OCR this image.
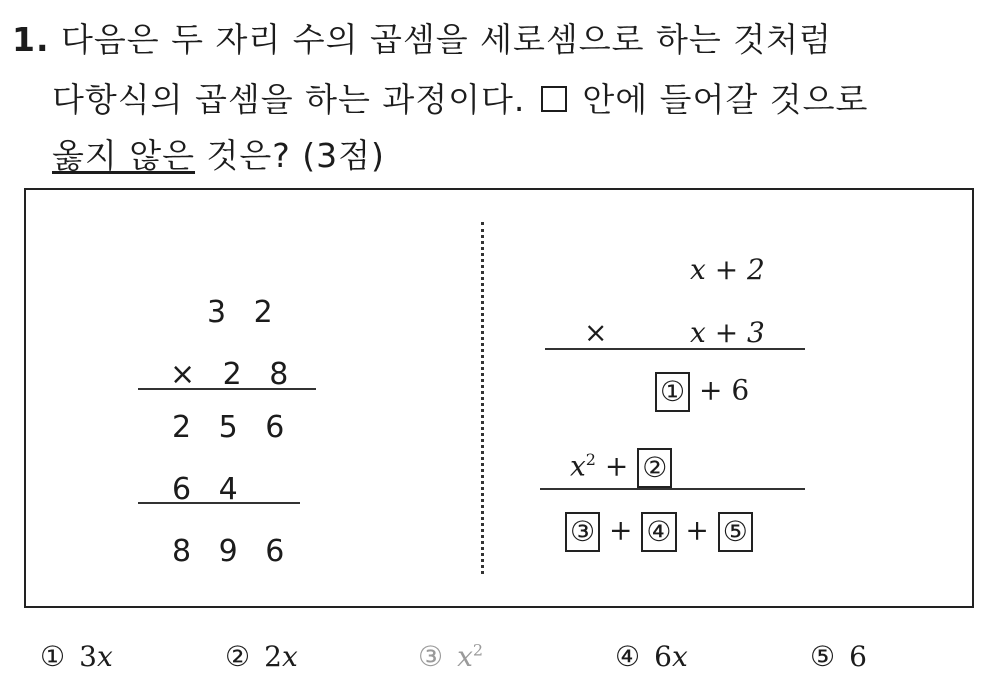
1. 다음은 두 자리 수의 곱셈을 세로셈으로 하는 것처럼
다항식의 곱셈을 하는 과정이다. 안에 들어갈 것으로
옳지 않은 것은? (3점)
3 2
× 2 8
2 5 6
6 4
8 9 6
x + 2
×	x + 3
① + 6
$x^2$ + ②
③ + ④ + ⑤
① 3x	② 2x	③ $x^2$	④ 6x	⑤ 6
